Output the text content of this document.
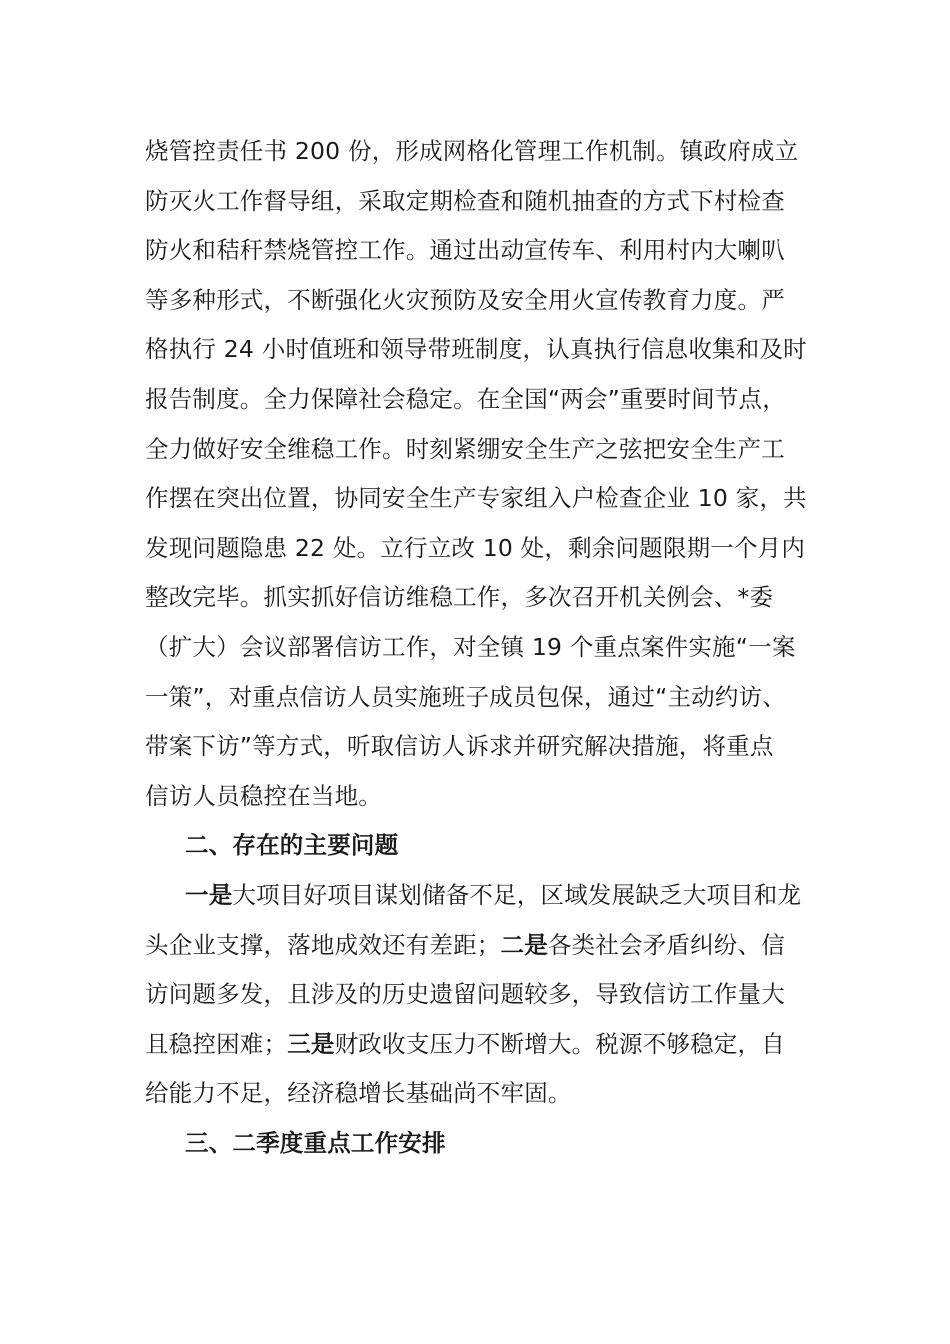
烧管控责任书 200 份，形成网格化管理工作机制。镇政府成立
防灭火工作督导组，采取定期检查和随机抽查的方式下村检查
防火和秸秆禁烧管控工作。通过出动宣传车、利用村内大喇叭
等多种形式，不断强化火灾预防及安全用火宣传教育力度。严
格执行 24 小时值班和领导带班制度，认真执行信息收集和及时
报告制度。全力保障社会稳定。在全国“两会”重要时间节点，
全力做好安全维稳工作。时刻紧绷安全生产之弦把安全生产工
作摆在突出位置，协同安全生产专家组入户检查企业 10 家，共
发现问题隐患 22 处。立行立改 10 处，剩余问题限期一个月内
整改完毕。抓实抓好信访维稳工作，多次召开机关例会、*委
（扩大）会议部署信访工作，对全镇 19 个重点案件实施“一案
一策”，对重点信访人员实施班子成员包保，通过“主动约访、
带案下访”等方式，听取信访人诉求并研究解决措施，将重点
信访人员稳控在当地。
二、存在的主要问题
一是大项目好项目谋划储备不足，区域发展缺乏大项目和龙
头企业支撑，落地成效还有差距；二是各类社会矛盾纠纷、信
访问题多发，且涉及的历史遗留问题较多，导致信访工作量大
且稳控困难；三是财政收支压力不断增大。税源不够稳定，自
给能力不足，经济稳增长基础尚不牢固。
三、二季度重点工作安排
